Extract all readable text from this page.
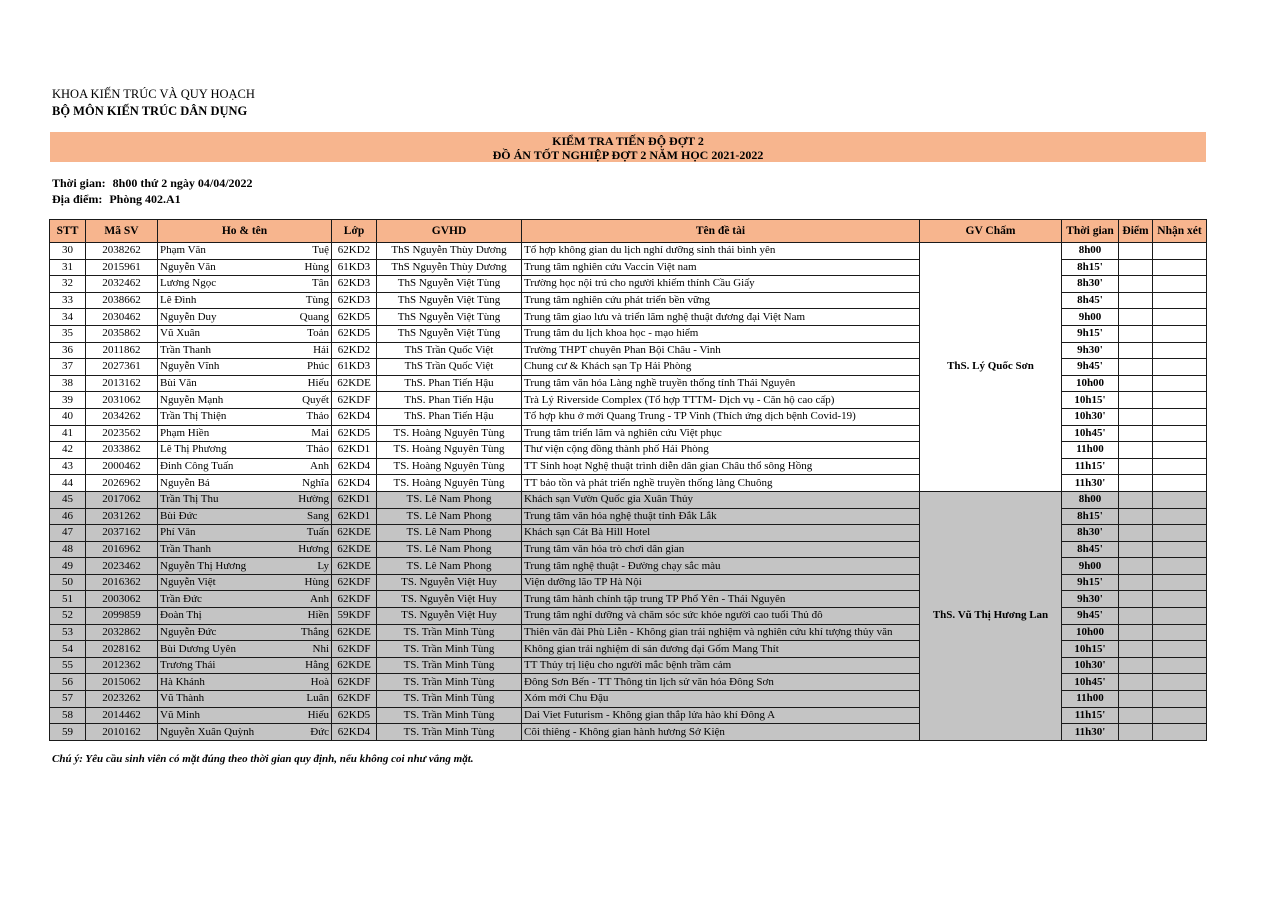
KHOA KIẾN TRÚC VÀ QUY HOẠCH
BỘ MÔN KIẾN TRÚC DÂN DỤNG
KIỂM TRA TIẾN ĐỘ ĐỢT 2
ĐỒ ÁN TỐT NGHIỆP ĐỢT 2 NĂM HỌC 2021-2022
Thời gian: 8h00 thứ 2 ngày 04/04/2022
Địa điểm: Phòng 402.A1
STT	Mã SV	Ho & tên	Lớp	GVHD	Tên đề tài	GV Chấm	Thời gian	Điểm	Nhận xét
30	2038262	Phạm Văn Tuệ	62KD2	ThS Nguyễn Thùy Dương	Tổ hợp không gian du lịch nghỉ dưỡng sinh thái bình yên	ThS. Lý Quốc Sơn	8h00		
31	2015961	Nguyễn Văn Hùng	61KD3	ThS Nguyễn Thùy Dương	Trung tâm nghiên cứu Vaccin Việt nam		8h15'		
32	2032462	Lương Ngọc Tân	62KD3	ThS Nguyễn Việt Tùng	Trường học nội trú cho người khiếm thính Cầu Giấy		8h30'		
33	2038662	Lê Đình Tùng	62KD3	ThS Nguyễn Việt Tùng	Trung tâm nghiên cứu phát triển bền vững		8h45'		
34	2030462	Nguyễn Duy Quang	62KD5	ThS Nguyễn Việt Tùng	Trung tâm giao lưu và triển lãm nghệ thuật đương đại Việt Nam		9h00		
35	2035862	Vũ Xuân Toản	62KD5	ThS Nguyễn Việt Tùng	Trung tâm du lịch khoa học - mạo hiểm		9h15'		
36	2011862	Trần Thanh Hải	62KD2	ThS Trần Quốc Việt	Trường THPT chuyên Phan Bội Châu - Vinh		9h30'		
37	2027361	Nguyễn Vĩnh Phúc	61KD3	ThS Trần Quốc Việt	Chung cư & Khách sạn Tp Hải Phòng		9h45'		
38	2013162	Bùi Văn Hiếu	62KDE	ThS. Phan Tiến Hậu	Trung tâm văn hóa Làng nghề truyền thống tỉnh Thái Nguyên		10h00		
39	2031062	Nguyễn Mạnh Quyết	62KDF	ThS. Phan Tiến Hậu	Trà Lý Riverside Complex (Tổ hợp TTTM- Dịch vụ - Căn hộ cao cấp)		10h15'		
40	2034262	Trần Thị Thiện Thảo	62KD4	ThS. Phan Tiến Hậu	Tổ hợp khu ở mới Quang Trung - TP Vinh (Thích ứng dịch bệnh Covid-19)		10h30'		
41	2023562	Phạm Hiền Mai	62KD5	TS. Hoàng Nguyên Tùng	Trung tâm triển lãm và nghiên cứu Việt phục		10h45'		
42	2033862	Lê Thị Phương Thảo	62KD1	TS. Hoàng Nguyên Tùng	Thư viện cộng đồng thành phố Hải Phòng		11h00		
43	2000462	Đinh Công Tuấn Anh	62KD4	TS. Hoàng Nguyên Tùng	TT Sinh hoạt Nghệ thuật trình diễn dân gian Châu thổ sông Hồng		11h15'		
44	2026962	Nguyễn Bá Nghĩa	62KD4	TS. Hoàng Nguyên Tùng	TT bảo tồn và phát triển nghề truyền thống làng Chuông		11h30'		
45	2017062	Trần Thị Thu Hường	62KD1	TS. Lê Nam Phong	Khách sạn Vườn Quốc gia Xuân Thủy	ThS. Vũ Thị Hương Lan	8h00		
46	2031262	Bùi Đức Sang	62KD1	TS. Lê Nam Phong	Trung tâm văn hóa nghệ thuật tỉnh Đắk Lắk		8h15'		
47	2037162	Phí Văn Tuấn	62KDE	TS. Lê Nam Phong	Khách sạn Cát Bà Hill Hotel		8h30'		
48	2016962	Trần Thanh Hương	62KDE	TS. Lê Nam Phong	Trung tâm văn hóa trò chơi dân gian		8h45'		
49	2023462	Nguyễn Thị Hương Ly	62KDE	TS. Lê Nam Phong	Trung tâm nghệ thuật - Đường chạy sắc màu		9h00		
50	2016362	Nguyễn Việt Hùng	62KDF	TS. Nguyễn Việt Huy	Viện dưỡng lão TP Hà Nội		9h15'		
51	2003062	Trần Đức Anh	62KDF	TS. Nguyễn Việt Huy	Trung tâm hành chính tập trung TP Phổ Yên - Thái Nguyên		9h30'		
52	2099859	Đoàn Thị Hiền	59KDF	TS. Nguyễn Việt Huy	Trung tâm nghỉ dưỡng và chăm sóc sức khỏe người cao tuổi Thủ đô		9h45'		
53	2032862	Nguyễn Đức Thắng	62KDE	TS. Trần Minh Tùng	Thiên văn đài Phù Liễn - Không gian trải nghiệm và nghiên cứu khí tượng thủy văn		10h00		
54	2028162	Bùi Dương Uyên Nhi	62KDF	TS. Trần Minh Tùng	Không gian trải nghiệm di sản đương đại Gốm Mang Thít		10h15'		
55	2012362	Trương Thái Hằng	62KDE	TS. Trần Minh Tùng	TT Thủy trị liệu cho người mắc bệnh trầm cảm		10h30'		
56	2015062	Hà Khánh Hoà	62KDF	TS. Trần Minh Tùng	Đông Sơn Bến - TT Thông tin lịch sử văn hóa Đông Sơn		10h45'		
57	2023262	Vũ Thành Luân	62KDF	TS. Trần Minh Tùng	Xóm mới Chu Đậu		11h00		
58	2014462	Vũ Minh Hiếu	62KD5	TS. Trần Minh Tùng	Dai Viet Futurism - Không gian thắp lửa hào khí Đông A		11h15'		
59	2010162	Nguyễn Xuân Quỳnh Đức	62KD4	TS. Trần Minh Tùng	Cõi thiêng - Không gian hành hương Sở Kiện		11h30'		
Chú ý: Yêu cầu sinh viên có mặt đúng theo thời gian quy định, nếu không coi như vắng mặt.
